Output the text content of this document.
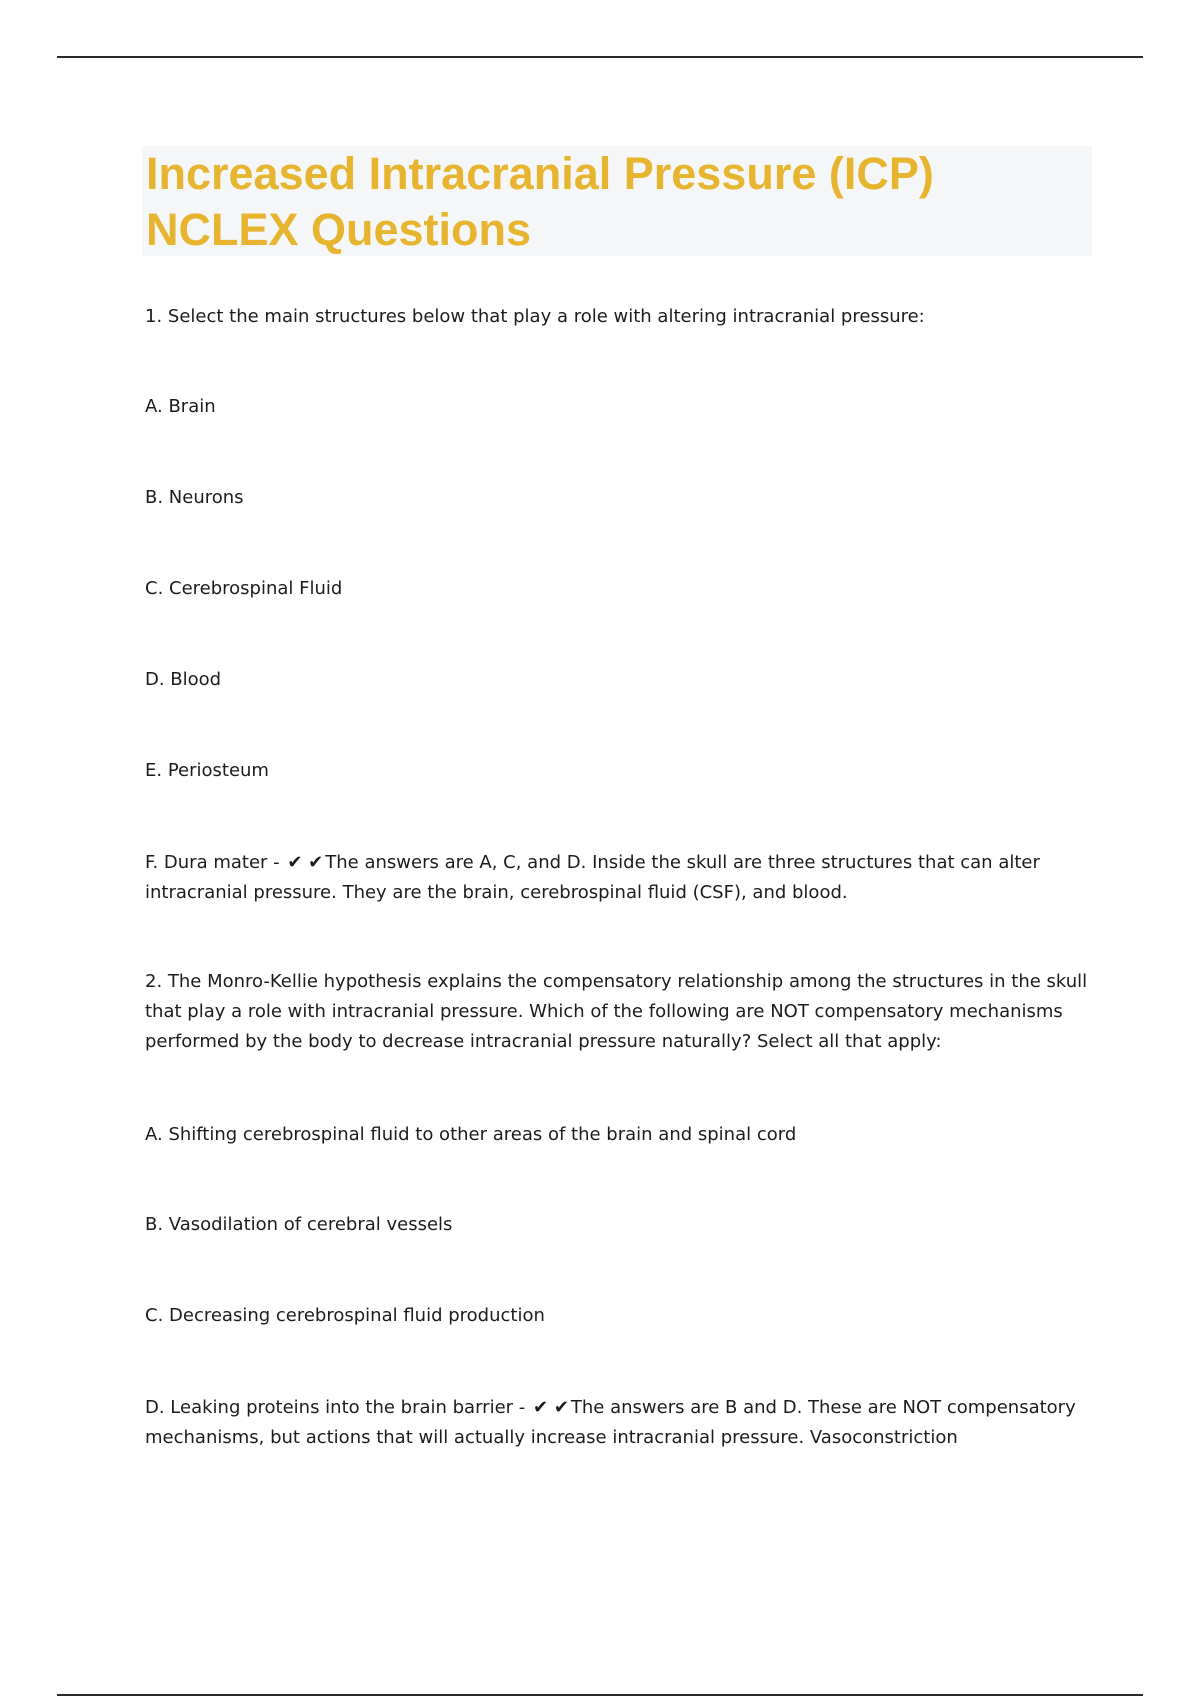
Increased Intracranial Pressure (ICP) NCLEX Questions

1. Select the main structures below that play a role with altering intracranial pressure:

A. Brain

B. Neurons

C. Cerebrospinal Fluid

D. Blood

E. Periosteum

F. Dura mater - ✔ ✔ The answers are A, C, and D. Inside the skull are three structures that can alter intracranial pressure. They are the brain, cerebrospinal fluid (CSF), and blood.

2. The Monro-Kellie hypothesis explains the compensatory relationship among the structures in the skull that play a role with intracranial pressure. Which of the following are NOT compensatory mechanisms performed by the body to decrease intracranial pressure naturally? Select all that apply:

A. Shifting cerebrospinal fluid to other areas of the brain and spinal cord

B. Vasodilation of cerebral vessels

C. Decreasing cerebrospinal fluid production

D. Leaking proteins into the brain barrier - ✔ ✔ The answers are B and D. These are NOT compensatory mechanisms, but actions that will actually increase intracranial pressure. Vasoconstriction
